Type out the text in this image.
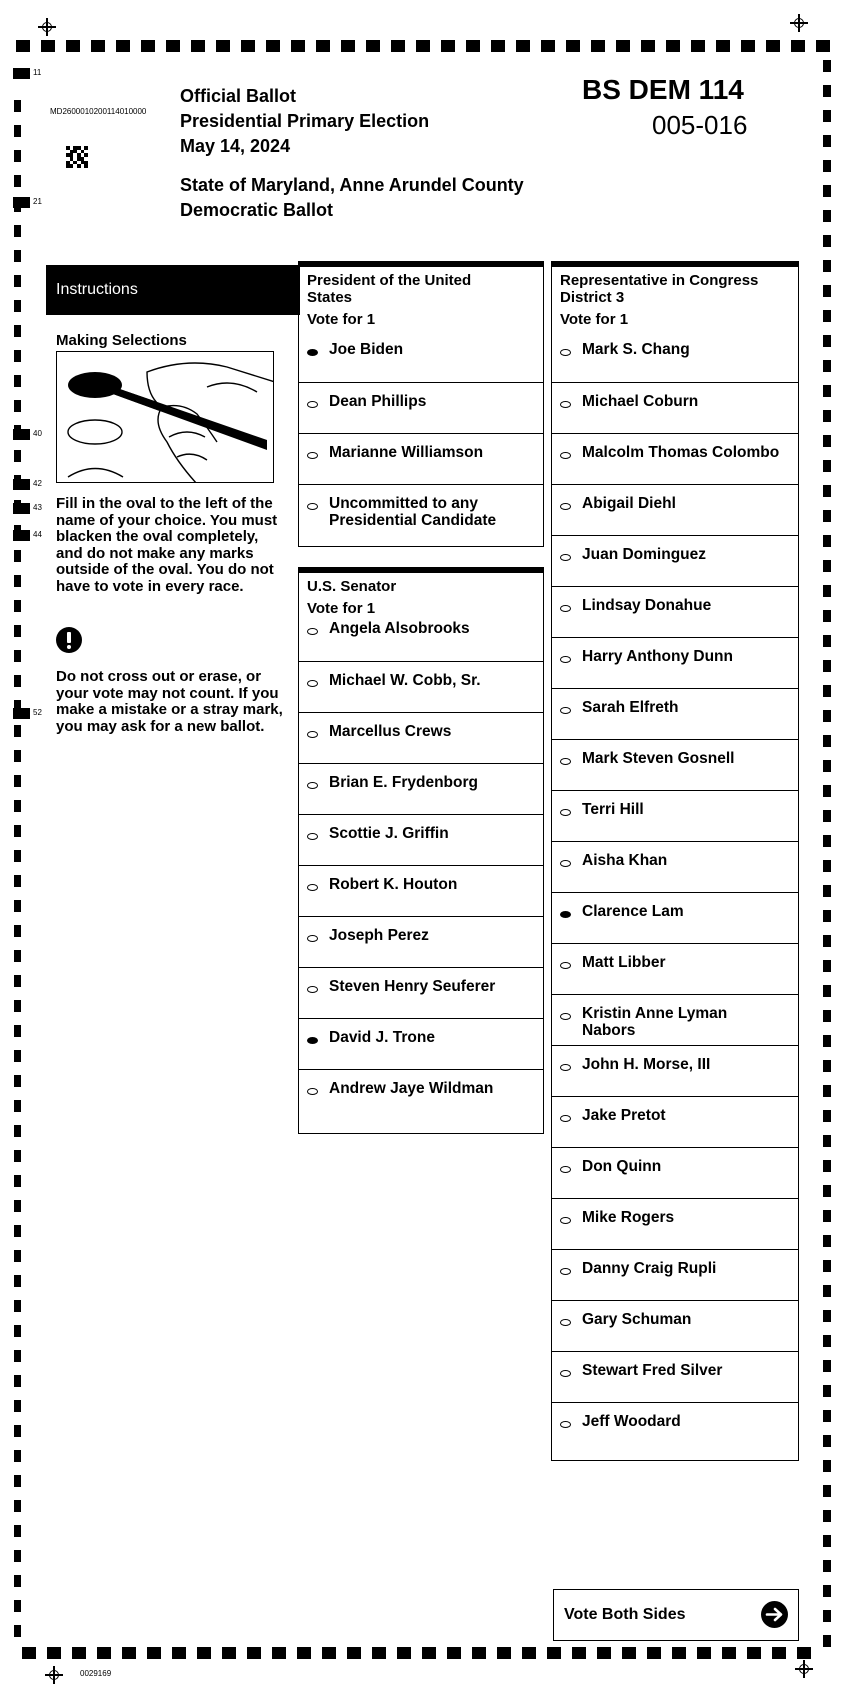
11
21
40
42
43
44
52
MD2600010200114010000
Official Ballot
Presidential Primary Election
May 14, 2024
State of Maryland, Anne Arundel County
Democratic Ballot
BS DEM 114
005-016
Instructions
Making Selections
Fill in the oval to the left of the name of your choice. You must blacken the oval completely, and do not make any marks outside of the oval. You do not have to vote in every race.
Do not cross out or erase, or your vote may not count. If you make a mistake or a stray mark, you may ask for a new ballot.
President of the United States
Vote for 1
Joe Biden
Dean Phillips
Marianne Williamson
Uncommitted to any Presidential Candidate
U.S. Senator
Vote for 1
Angela Alsobrooks
Michael W. Cobb, Sr.
Marcellus Crews
Brian E. Frydenborg
Scottie J. Griffin
Robert K. Houton
Joseph Perez
Steven Henry Seuferer
David J. Trone
Andrew Jaye Wildman
Representative in Congress District 3
Vote for 1
Mark S. Chang
Michael Coburn
Malcolm Thomas Colombo
Abigail Diehl
Juan Dominguez
Lindsay Donahue
Harry Anthony Dunn
Sarah Elfreth
Mark Steven Gosnell
Terri Hill
Aisha Khan
Clarence Lam
Matt Libber
Kristin Anne Lyman Nabors
John H. Morse, III
Jake Pretot
Don Quinn
Mike Rogers
Danny Craig Rupli
Gary Schuman
Stewart Fred Silver
Jeff Woodard
Vote Both Sides
0029169
